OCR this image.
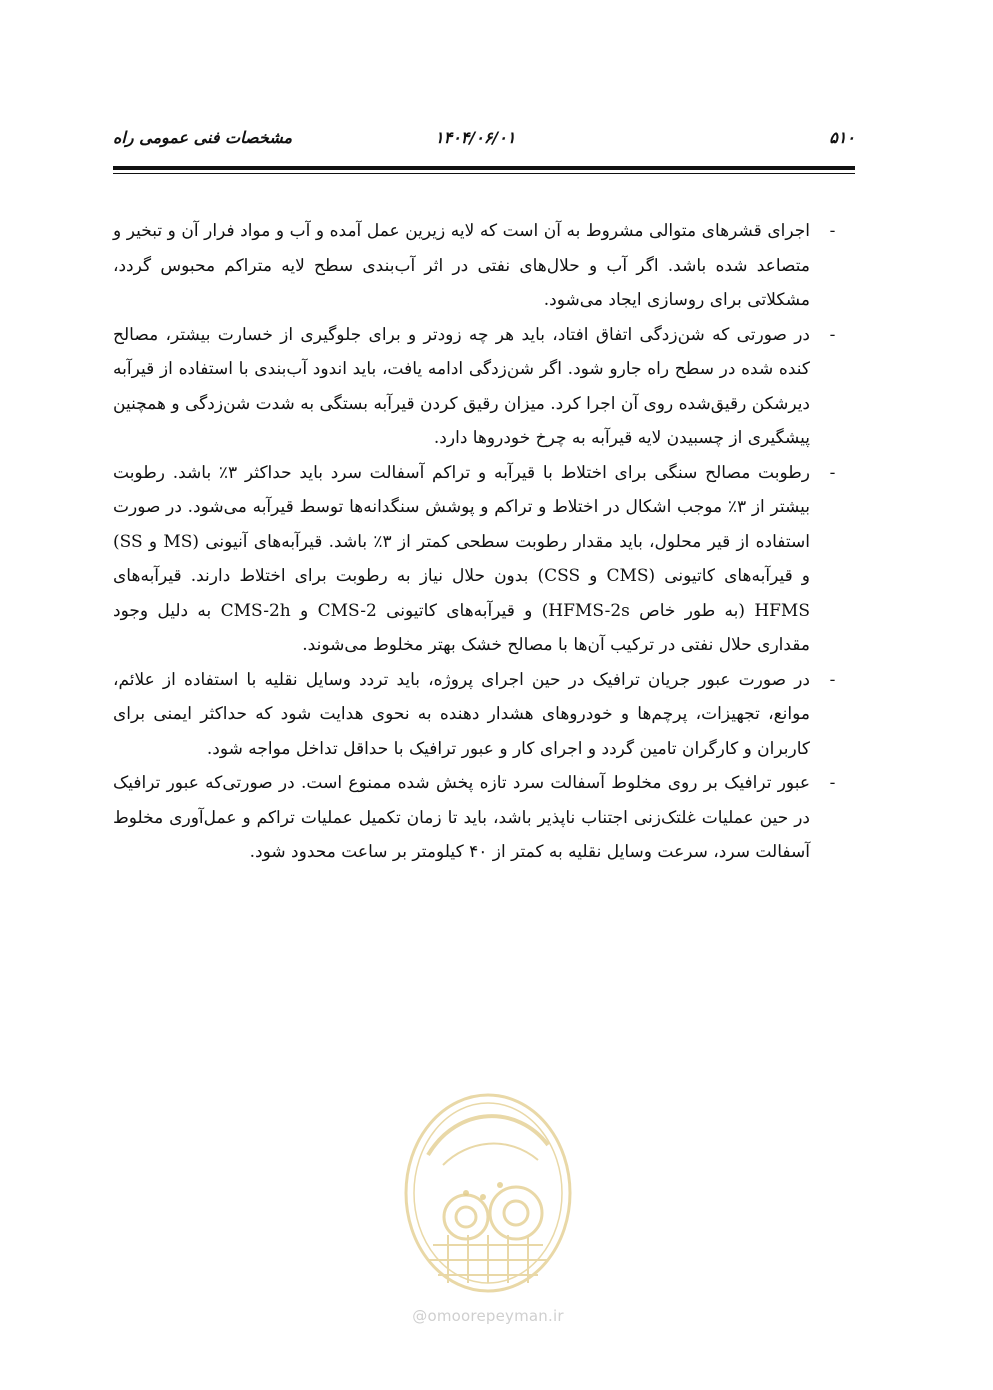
مشخصات فنی عمومی راه	۱۴۰۴/۰۶/۰۱	۵۱۰
-
اجرای قشرهای متوالی مشروط به آن است که لایه زیرین عمل آمده و آب و مواد فرار آن و تبخیر و متصاعد شده باشد. اگر آب و حلال‌های نفتی در اثر آب‌بندی سطح لایه متراکم محبوس گردد، مشکلاتی برای روسازی ایجاد می‌شود.
-
در صورتی که شن‌زدگی اتفاق افتاد، باید هر چه زودتر و برای جلوگیری از خسارت بیشتر، مصالح کنده شده در سطح راه جارو شود. اگر شن‌زدگی ادامه یافت، باید اندود آب‌بندی با استفاده از قیرآبه دیرشکن رقیق‌شده روی آن اجرا کرد. میزان رقیق کردن قیرآبه بستگی به شدت شن‌زدگی و همچنین پیشگیری از چسبیدن لایه قیرآبه به چرخ خودروها دارد.
-
رطوبت مصالح سنگی برای اختلاط با قیرآبه و تراکم آسفالت سرد باید حداکثر ۳٪ باشد. رطوبت بیشتر از ۳٪ موجب اشکال در اختلاط و تراکم و پوشش سنگدانه‌ها توسط قیرآبه می‌شود. در صورت استفاده از قیر محلول، باید مقدار رطوبت سطحی کمتر از ۳٪ باشد. قیرآبه‌های آنیونی (MS و SS) و قیرآبه‌های کاتیونی (CMS و CSS) بدون حلال نیاز به رطوبت برای اختلاط دارند. قیرآبه‌های HFMS (به طور خاص HFMS-2s) و قیرآبه‌های کاتیونی CMS-2 و CMS-2h به دلیل وجود مقداری حلال نفتی در ترکیب آن‌ها با مصالح خشک بهتر مخلوط می‌شوند.
-
در صورت عبور جریان ترافیک در حین اجرای پروژه، باید تردد وسایل نقلیه با استفاده از علائم، موانع، تجهیزات، پرچم‌ها و خودروهای هشدار دهنده به نحوی هدایت شود که حداکثر ایمنی برای کاربران و کارگران تامین گردد و اجرای کار و عبور ترافیک با حداقل تداخل مواجه شود.
-
عبور ترافیک بر روی مخلوط آسفالت سرد تازه پخش شده ممنوع است. در صورتی‌که عبور ترافیک در حین عملیات غلتک‌زنی اجتناب ناپذیر باشد، باید تا زمان تکمیل عملیات تراکم و عمل‌آوری مخلوط آسفالت سرد، سرعت وسایل نقلیه به کمتر از ۴۰ کیلومتر بر ساعت محدود شود.
@omoorepeyman.ir
